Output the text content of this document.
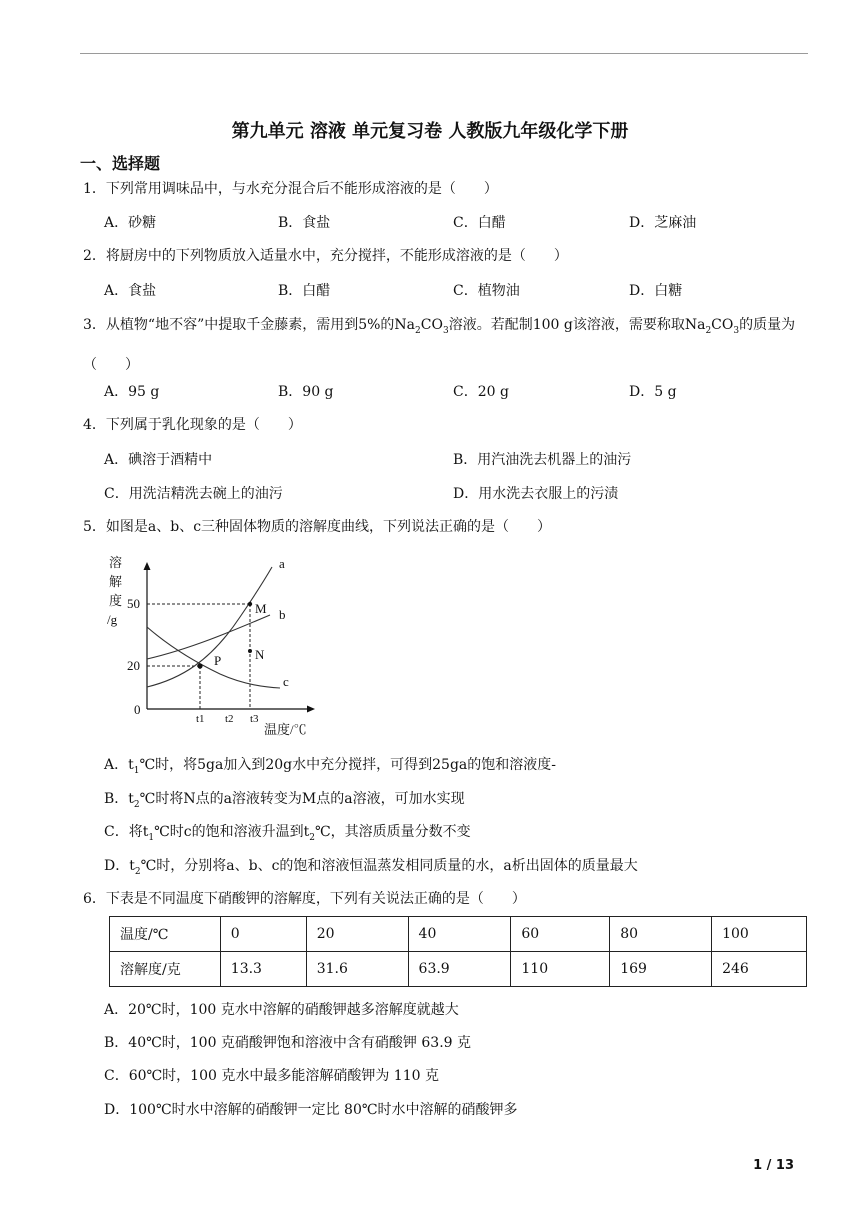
第九单元 溶液 单元复习卷 人教版九年级化学下册
一、选择题
1．下列常用调味品中，与水充分混合后不能形成溶液的是（　　）
A．砂糖	B．食盐	C．白醋	D．芝麻油
2．将厨房中的下列物质放入适量水中，充分搅拌，不能形成溶液的是（　　）
A．食盐	B．白醋	C．植物油	D．白糖
3．从植物“地不容”中提取千金藤素，需用到5%的$Na_2CO_3$溶液。若配制100 g该溶液，需要称取$Na_2CO_3$的质量为（　　）
A．95 g	B．90 g	C．20 g	D．5 g
4．下列属于乳化现象的是（　　）
A．碘溶于酒精中	B．用汽油洗去机器上的油污
C．用洗洁精洗去碗上的油污	D．用水洗去衣服上的污渍
5．如图是a、b、c三种固体物质的溶解度曲线，下列说法正确的是（　　）
溶
解
度
/g
50
20
0
t1 t2 t3
温度/℃
a
b
c
M
N
P
A．$t_1℃$时，将5ga加入到20g水中充分搅拌，可得到25ga的饱和溶液度-
B．$t_2℃$时将N点的a溶液转变为M点的a溶液，可加水实现
C．将$t_1℃$时c的饱和溶液升温到$t_2℃$，其溶质质量分数不变
D．$t_2℃$时，分别将a、b、c的饱和溶液恒温蒸发相同质量的水，a析出固体的质量最大
6．下表是不同温度下硝酸钾的溶解度，下列有关说法正确的是（　　）
温度/℃	0	20	40	60	80	100
溶解度/克	13.3	31.6	63.9	110	169	246
A．20℃时，100 克水中溶解的硝酸钾越多溶解度就越大
B．40℃时，100 克硝酸钾饱和溶液中含有硝酸钾 63.9 克
C．60℃时，100 克水中最多能溶解硝酸钾为 110 克
D．100℃时水中溶解的硝酸钾一定比 80℃时水中溶解的硝酸钾多
1 / 13
